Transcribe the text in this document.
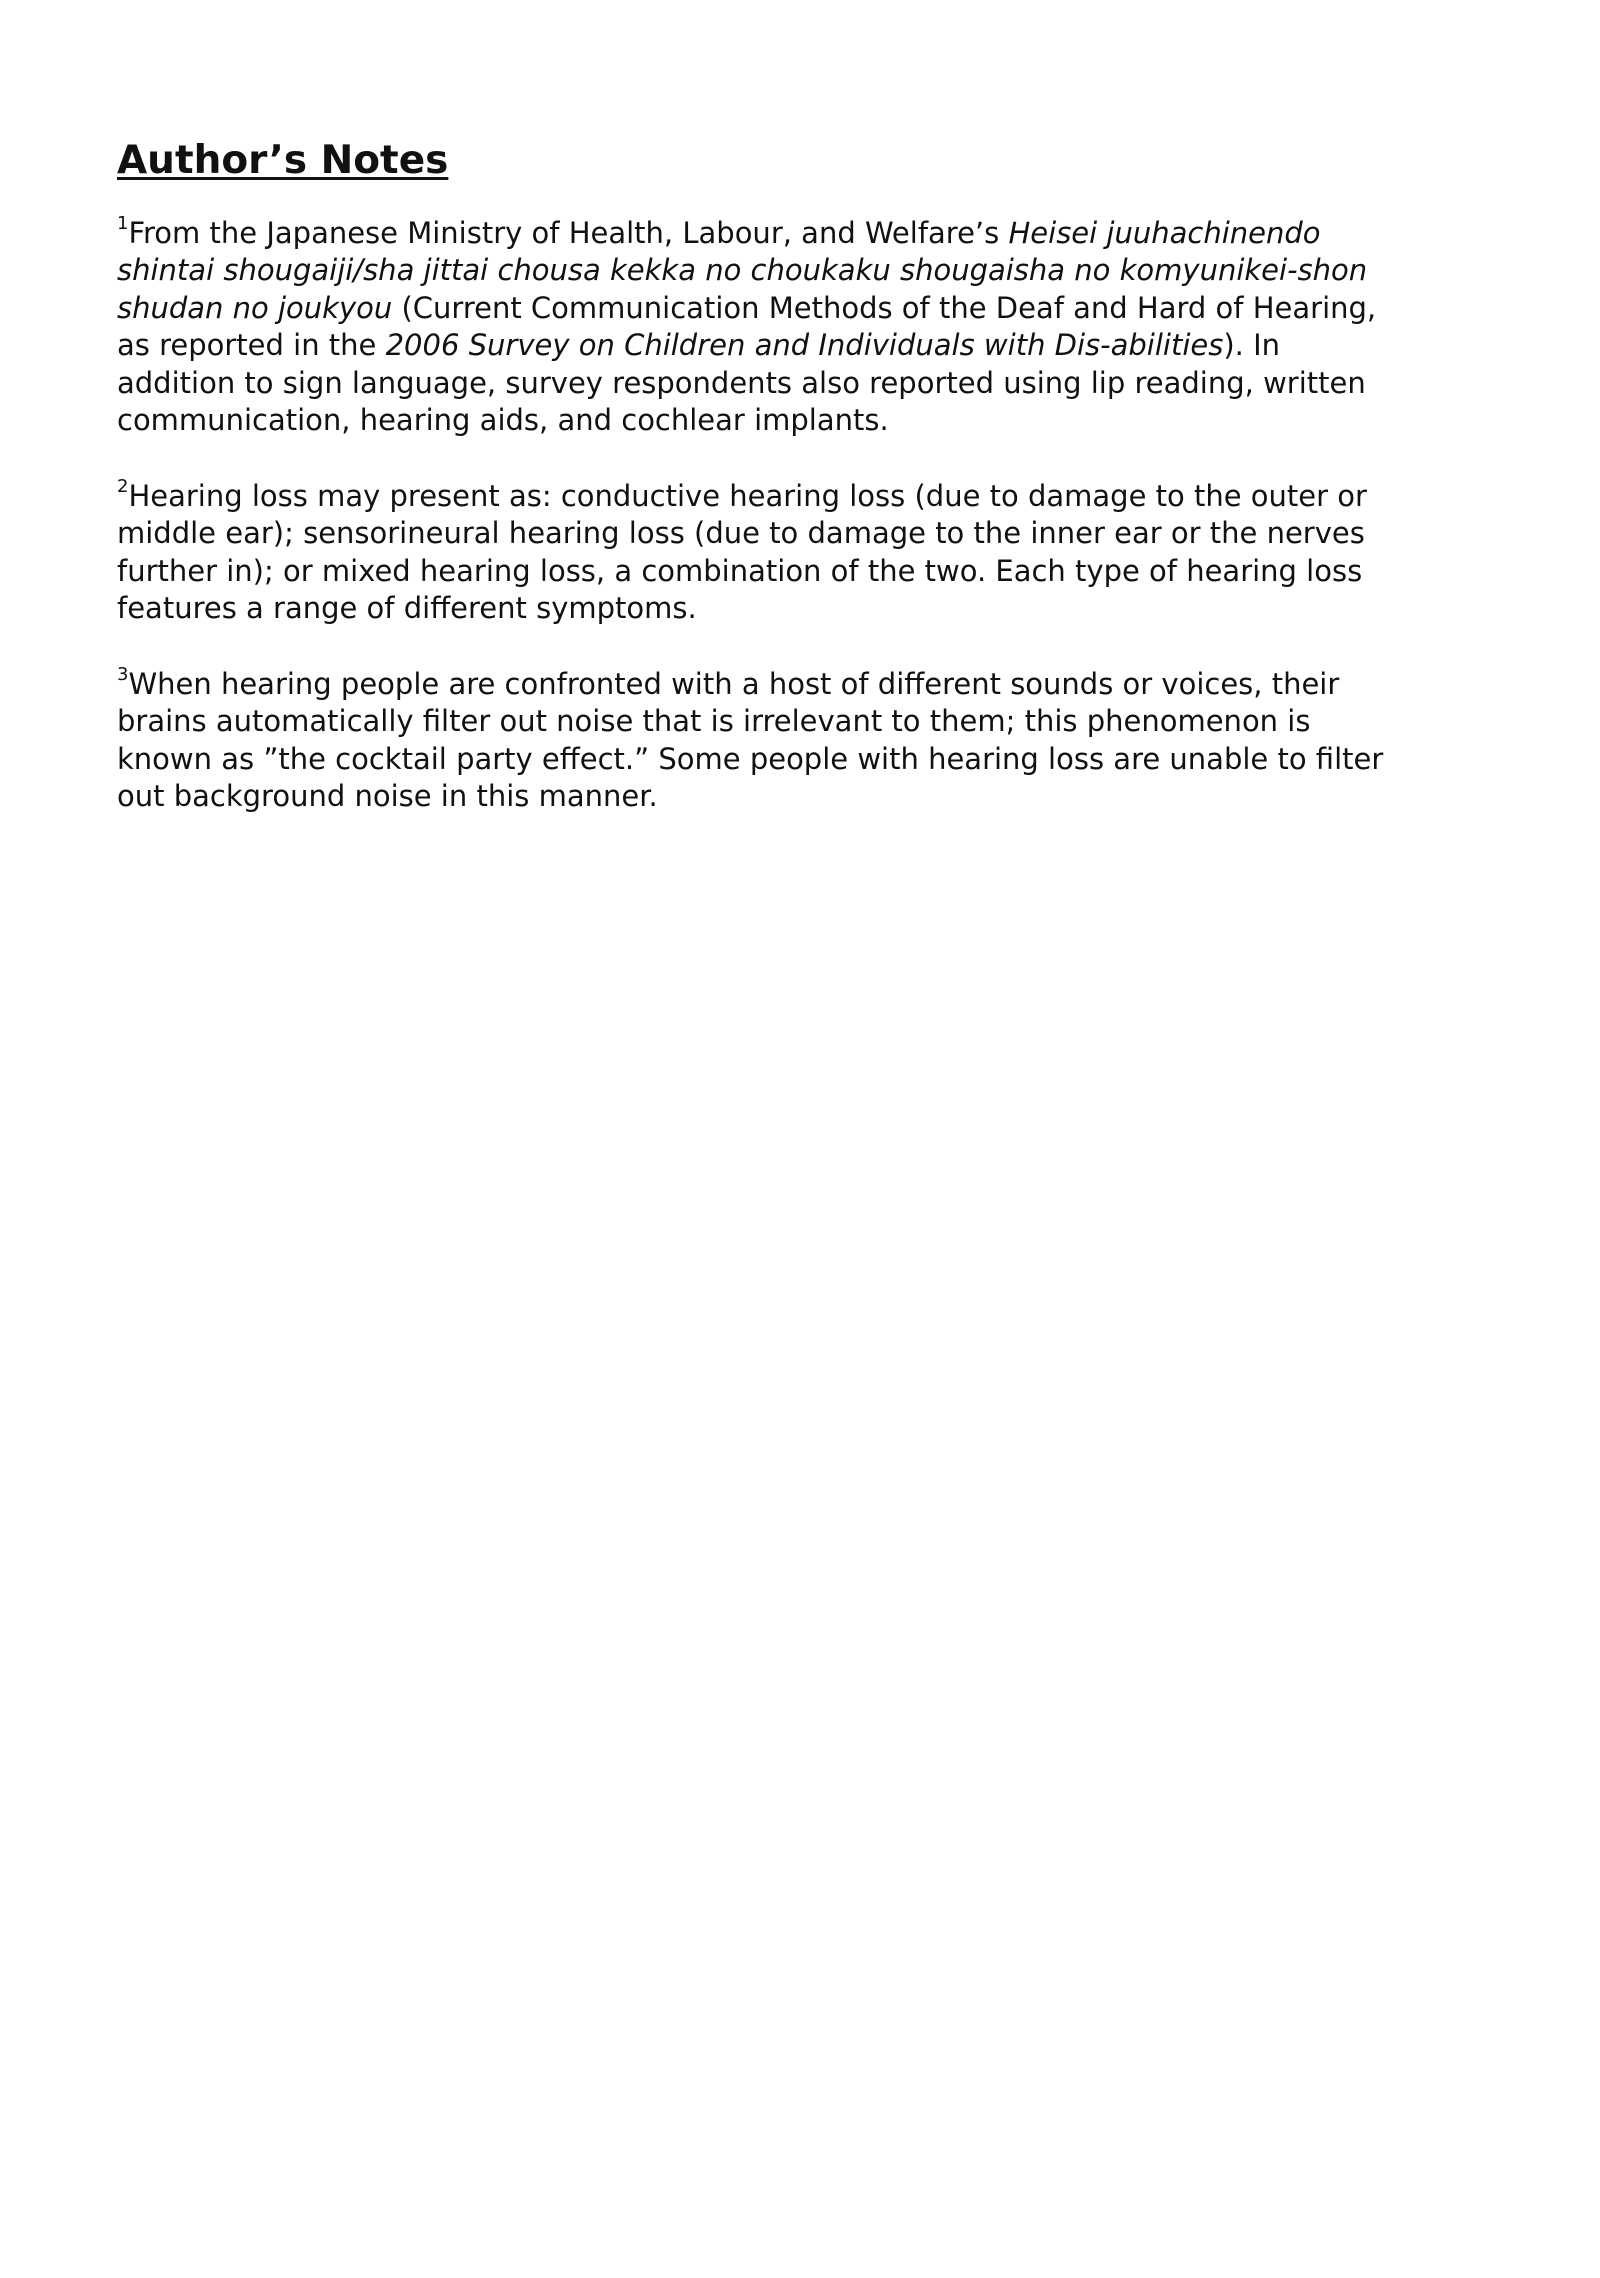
Author’s Notes

$^1$From the Japanese Ministry of Health, Labour, and Welfare’s Heisei juuhachinendo shintai shougaiji/sha jittai chousa kekka no choukaku shougaisha no komyunikei-shon shudan no joukyou (Current Communication Methods of the Deaf and Hard of Hearing, as reported in the 2006 Survey on Children and Individuals with Dis-abilities). In addition to sign language, survey respondents also reported using lip reading, written communication, hearing aids, and cochlear implants.

$^2$Hearing loss may present as: conductive hearing loss (due to damage to the outer or middle ear); sensorineural hearing loss (due to damage to the inner ear or the nerves further in); or mixed hearing loss, a combination of the two. Each type of hearing loss features a range of different symptoms.

$^3$When hearing people are confronted with a host of different sounds or voices, their brains automatically filter out noise that is irrelevant to them; this phenomenon is known as ”the cocktail party effect.” Some people with hearing loss are unable to filter out background noise in this manner.
